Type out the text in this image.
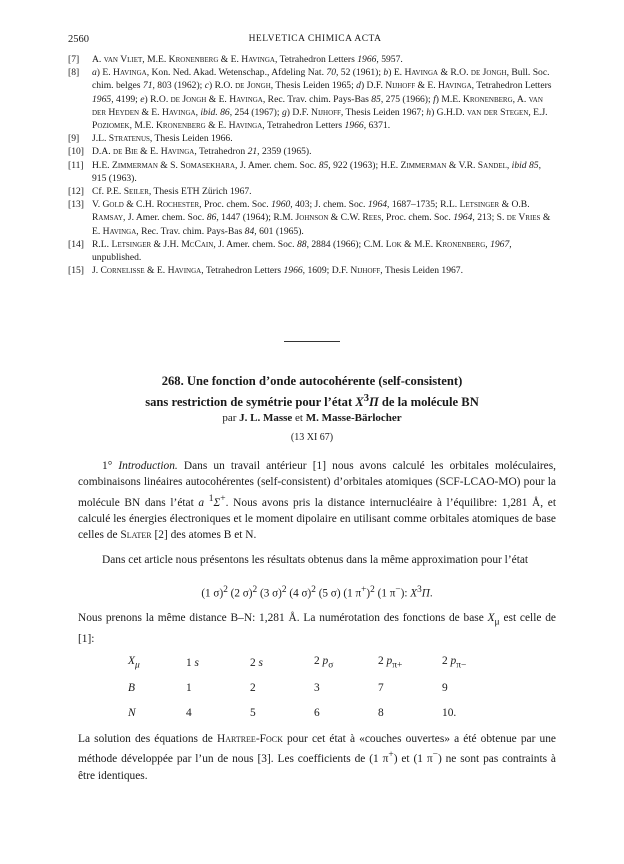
2560	HELVETICA CHIMICA ACTA
[7] A. van Vliet, M.E. Kronenberg & E. Havinga, Tetrahedron Letters 1966, 5957.
[8] a) E. Havinga, Kon. Ned. Akad. Wetenschap., Afdeling Nat. 70, 52 (1961); b) E. Havinga & R.O. de Jongh, Bull. Soc. chim. belges 71, 803 (1962); c) R.O. de Jongh, Thesis Leiden 1965; d) D.F. Nijhoff & E. Havinga, Tetrahedron Letters 1965, 4199; e) R.O. de Jongh & E. Havinga, Rec. Trav. chim. Pays-Bas 85, 275 (1966); f) M.E. Kronenberg, A. van der Heyden & E. Havinga, ibid. 86, 254 (1967); g) D.F. Nijhoff, Thesis Leiden 1967; h) G.H.D. van der Stegen, E.J. Poziomek, M.E. Kronenberg & E. Havinga, Tetrahedron Letters 1966, 6371.
[9] J.L. Stratenus, Thesis Leiden 1966.
[10] D.A. de Bie & E. Havinga, Tetrahedron 21, 2359 (1965).
[11] H.E. Zimmerman & S. Somasekhara, J. Amer. chem. Soc. 85, 922 (1963); H.E. Zimmerman & V.R. Sandel, ibid 85, 915 (1963).
[12] Cf. P.E. Seiler, Thesis ETH Zürich 1967.
[13] V. Gold & C.H. Rochester, Proc. chem. Soc. 1960, 403; J. chem. Soc. 1964, 1687–1735; R.L. Letsinger & O.B. Ramsay, J. Amer. chem. Soc. 86, 1447 (1964); R.M. Johnson & C.W. Rees, Proc. chem. Soc. 1964, 213; S. de Vries & E. Havinga, Rec. Trav. chim. Pays-Bas 84, 601 (1965).
[14] R.L. Letsinger & J.H. McCain, J. Amer. chem. Soc. 88, 2884 (1966); C.M. Lok & M.E. Kronenberg, 1967, unpublished.
[15] J. Cornelisse & E. Havinga, Tetrahedron Letters 1966, 1609; D.F. Nijhoff, Thesis Leiden 1967.
268. Une fonction d’onde autocohérente (self-consistent)
sans restriction de symétrie pour l’état $X^3\Pi$ de la molécule BN
par J. L. Masse et M. Masse-Bärlocher
(13 XI 67)
1° Introduction. Dans un travail antérieur [1] nous avons calculé les orbitales moléculaires, combinaisons linéaires autocohérentes (self-consistent) d’orbitales atomiques (SCF-LCAO-MO) pour la molécule BN dans l’état a $^1$Σ+. Nous avons pris la distance internucléaire à l’équilibre: 1,281 Å, et calculé les énergies électroniques et le moment dipolaire en utilisant comme orbitales atomiques de base celles de Slater [2] des atomes B et N.
Dans cet article nous présentons les résultats obtenus dans la même approximation pour l’état
(1 σ)$^2$ (2 σ)$^2$ (3 σ)$^2$ (4 σ)$^2$ (5 σ) (1 π+)$^2$ (1 π−): $X^3\Pi$.
Nous prenons la même distance B–N: 1,281 Å. La numérotation des fonctions de base $X_\mu$ est celle de [1]:
$X_\mu$	1 s	2 s	2 $p_\sigma$	2 $p_{\pi+}$	2 $p_{\pi-}$
B	1	2	3	7	9
N	4	5	6	8	10.
La solution des équations de Hartree-Fock pour cet état à «couches ouvertes» a été obtenue par une méthode développée par l’un de nous [3]. Les coefficients de (1 π+) et (1 π−) ne sont pas contraints à être identiques.
